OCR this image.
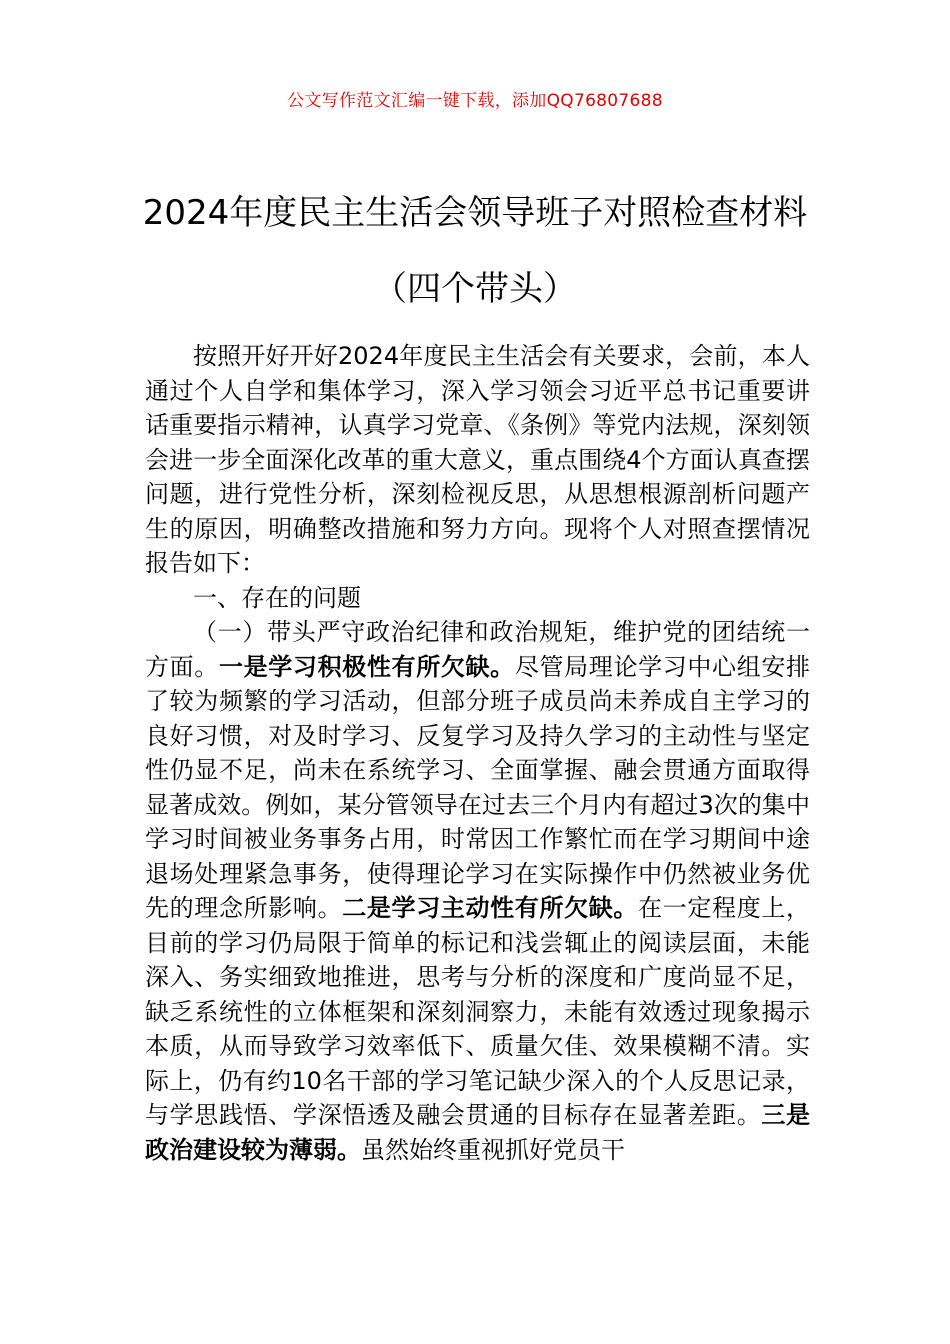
公文写作范文汇编一键下载，添加QQ76807688
2024年度民主生活会领导班子对照检查材料（四个带头）

按照开好开好2024年度民主生活会有关要求，会前，本人通过个人自学和集体学习，深入学习领会习近平总书记重要讲话重要指示精神，认真学习党章、《条例》等党内法规，深刻领会进一步全面深化改革的重大意义，重点围绕4个方面认真查摆问题，进行党性分析，深刻检视反思，从思想根源剖析问题产生的原因，明确整改措施和努力方向。现将个人对照查摆情况报告如下：

一、存在的问题

（一）带头严守政治纪律和政治规矩，维护党的团结统一方面。一是学习积极性有所欠缺。尽管局理论学习中心组安排了较为频繁的学习活动，但部分班子成员尚未养成自主学习的良好习惯，对及时学习、反复学习及持久学习的主动性与坚定性仍显不足，尚未在系统学习、全面掌握、融会贯通方面取得显著成效。例如，某分管领导在过去三个月内有超过3次的集中学习时间被业务事务占用，时常因工作繁忙而在学习期间中途退场处理紧急事务，使得理论学习在实际操作中仍然被业务优先的理念所影响。二是学习主动性有所欠缺。在一定程度上，目前的学习仍局限于简单的标记和浅尝辄止的阅读层面，未能深入、务实细致地推进，思考与分析的深度和广度尚显不足，缺乏系统性的立体框架和深刻洞察力，未能有效透过现象揭示本质，从而导致学习效率低下、质量欠佳、效果模糊不清。实际上，仍有约10名干部的学习笔记缺少深入的个人反思记录，与学思践悟、学深悟透及融会贯通的目标存在显著差距。三是政治建设较为薄弱。虽然始终重视抓好党员干
